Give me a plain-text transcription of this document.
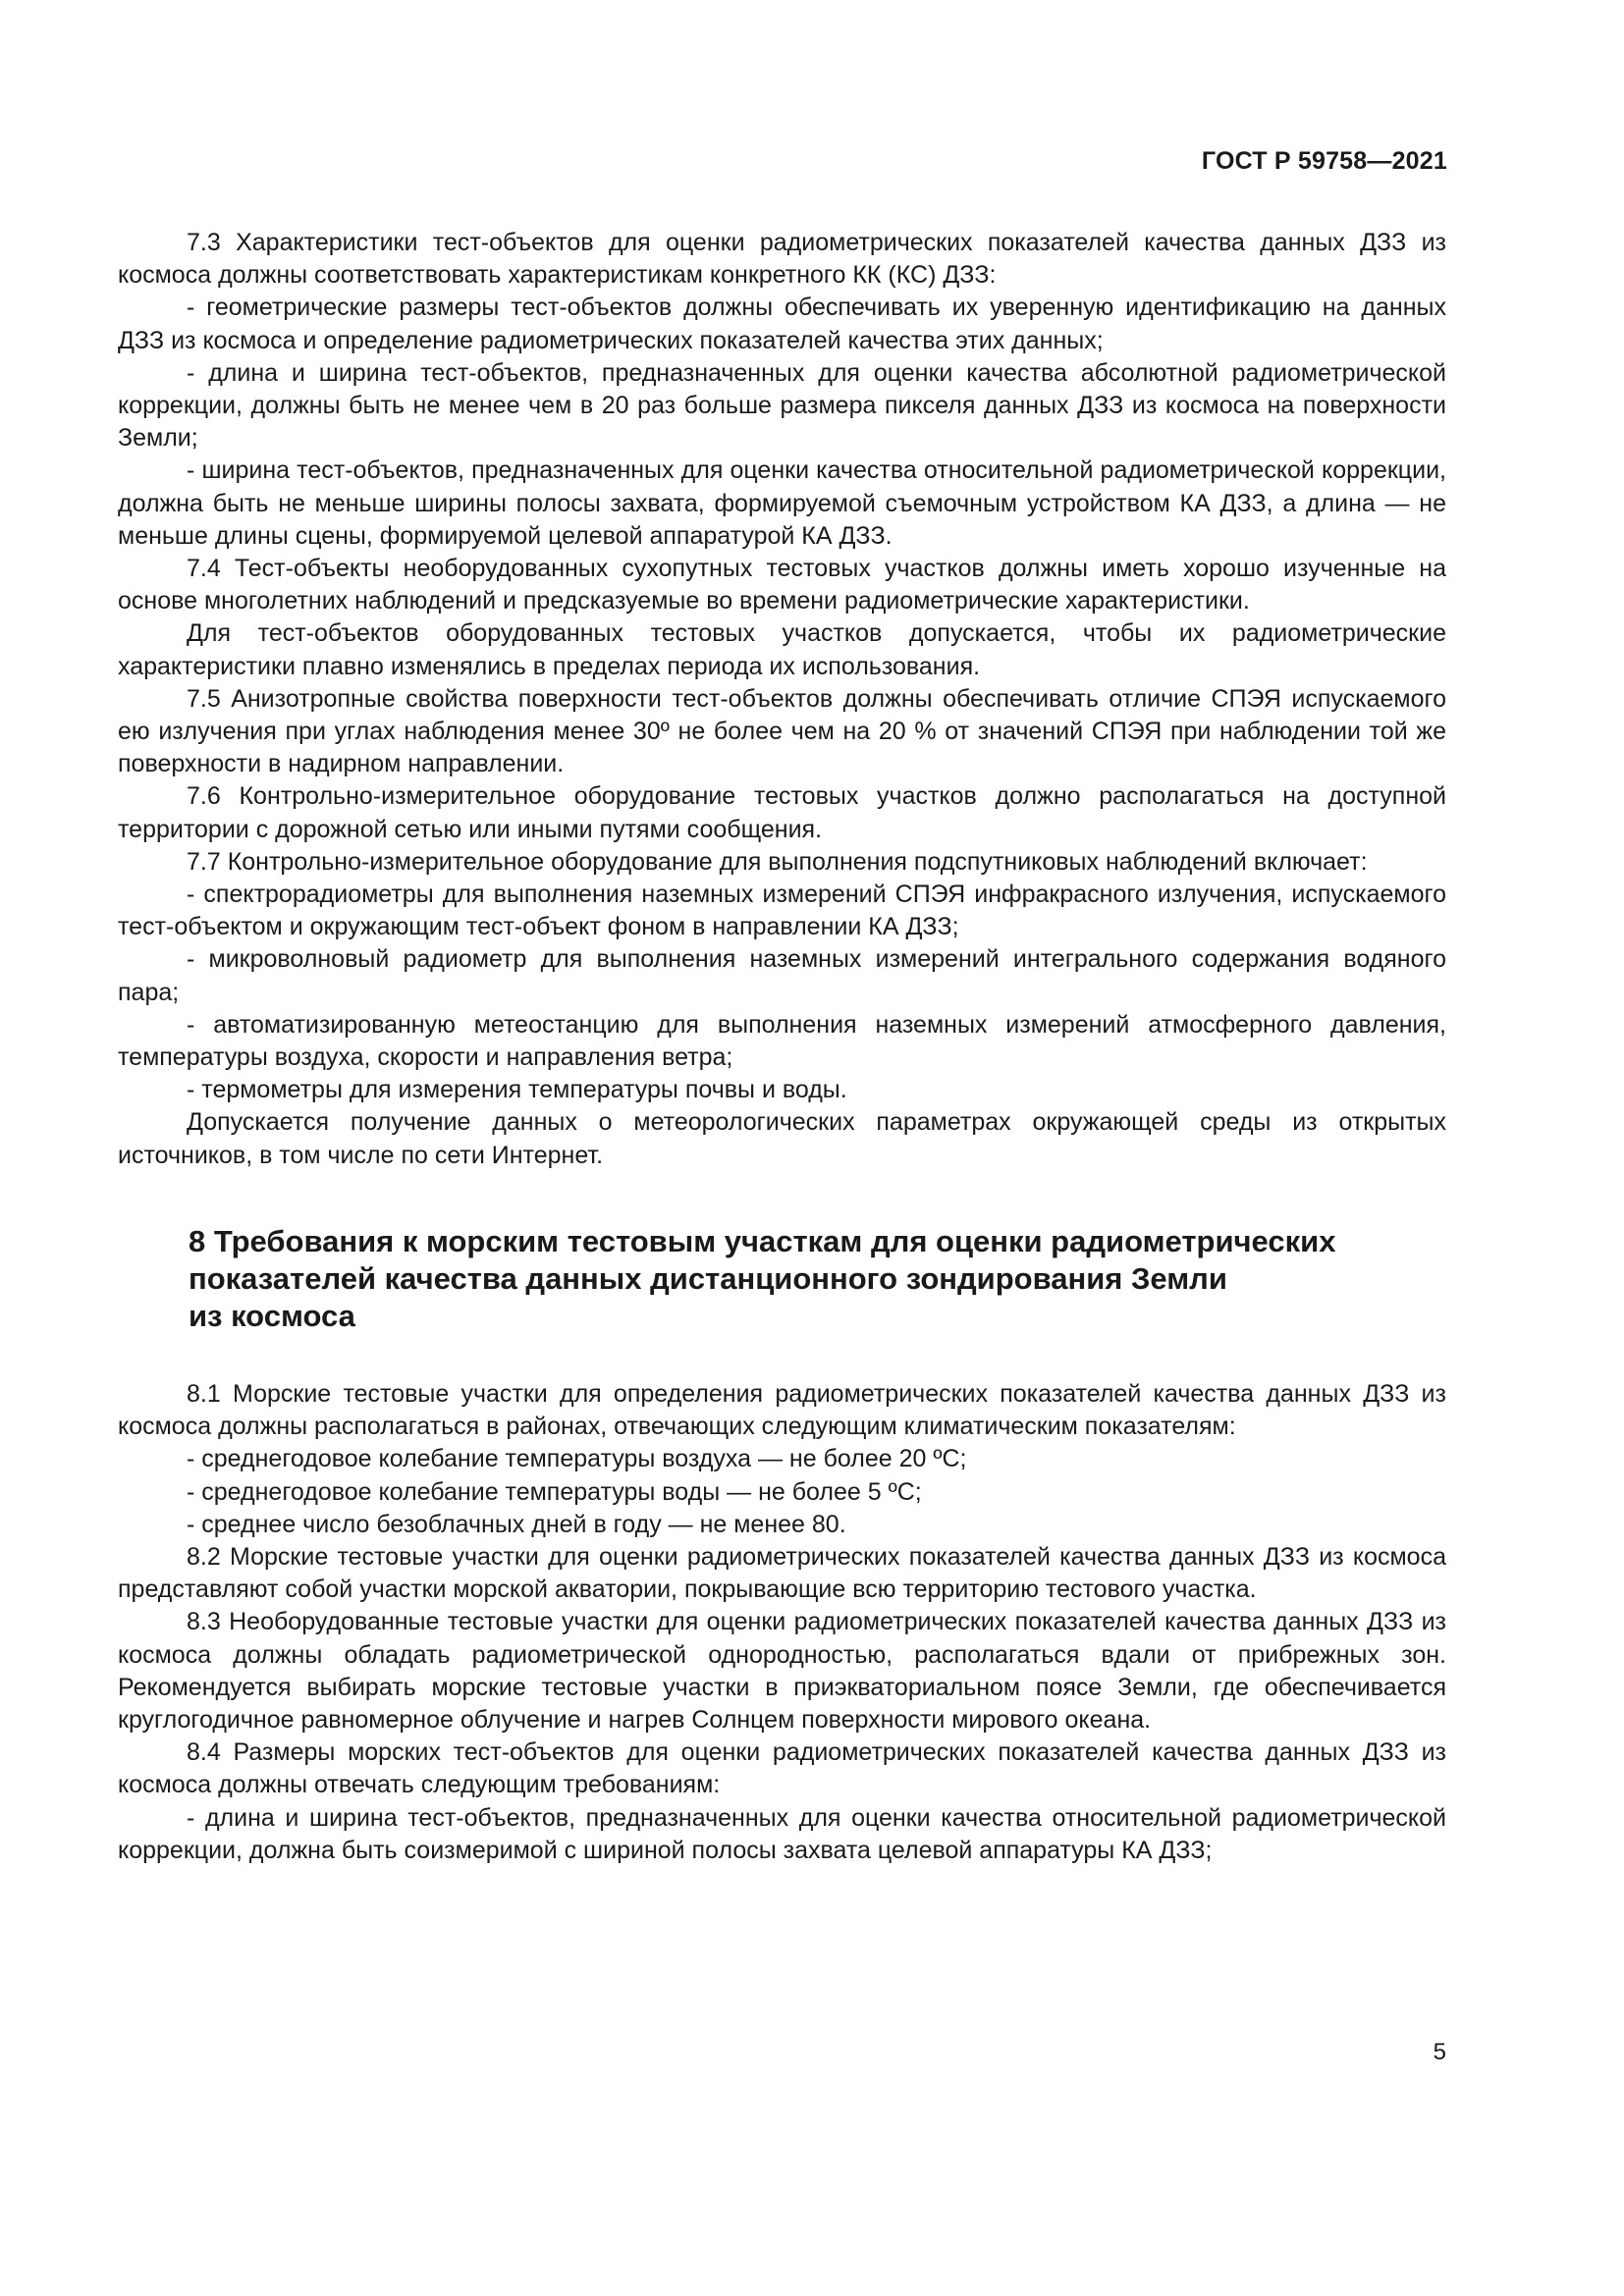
ГОСТ Р 59758—2021

7.3 Характеристики тест-объектов для оценки радиометрических показателей качества данных ДЗЗ из космоса должны соответствовать характеристикам конкретного КК (КС) ДЗЗ:

- геометрические размеры тест-объектов должны обеспечивать их уверенную идентификацию на данных ДЗЗ из космоса и определение радиометрических показателей качества этих данных;

- длина и ширина тест-объектов, предназначенных для оценки качества абсолютной радиометрической коррекции, должны быть не менее чем в 20 раз больше размера пикселя данных ДЗЗ из космоса на поверхности Земли;

- ширина тест-объектов, предназначенных для оценки качества относительной радиометрической коррекции, должна быть не меньше ширины полосы захвата, формируемой съемочным устройством КА ДЗЗ, а длина — не меньше длины сцены, формируемой целевой аппаратурой КА ДЗЗ.

7.4 Тест-объекты необорудованных сухопутных тестовых участков должны иметь хорошо изученные на основе многолетних наблюдений и предсказуемые во времени радиометрические характеристики.

Для тест-объектов оборудованных тестовых участков допускается, чтобы их радиометрические характеристики плавно изменялись в пределах периода их использования.

7.5 Анизотропные свойства поверхности тест-объектов должны обеспечивать отличие СПЭЯ испускаемого ею излучения при углах наблюдения менее 30º не более чем на 20 % от значений СПЭЯ при наблюдении той же поверхности в надирном направлении.

7.6 Контрольно-измерительное оборудование тестовых участков должно располагаться на доступной территории с дорожной сетью или иными путями сообщения.

7.7 Контрольно-измерительное оборудование для выполнения подспутниковых наблюдений включает:

- спектрорадиометры для выполнения наземных измерений СПЭЯ инфракрасного излучения, испускаемого тест-объектом и окружающим тест-объект фоном в направлении КА ДЗЗ;

- микроволновый радиометр для выполнения наземных измерений интегрального содержания водяного пара;

- автоматизированную метеостанцию для выполнения наземных измерений атмосферного давления, температуры воздуха, скорости и направления ветра;

- термометры для измерения температуры почвы и воды.

Допускается получение данных о метеорологических параметрах окружающей среды из открытых источников, в том числе по сети Интернет.

8 Требования к морским тестовым участкам для оценки радиометрических
показателей качества данных дистанционного зондирования Земли
из космоса

8.1 Морские тестовые участки для определения радиометрических показателей качества данных ДЗЗ из космоса должны располагаться в районах, отвечающих следующим климатическим показателям:

- среднегодовое колебание температуры воздуха — не более 20 ºС;

- среднегодовое колебание температуры воды — не более 5 ºС;

- среднее число безоблачных дней в году — не менее 80.

8.2 Морские тестовые участки для оценки радиометрических показателей качества данных ДЗЗ из космоса представляют собой участки морской акватории, покрывающие всю территорию тестового участка.

8.3 Необорудованные тестовые участки для оценки радиометрических показателей качества данных ДЗЗ из космоса должны обладать радиометрической однородностью, располагаться вдали от прибрежных зон. Рекомендуется выбирать морские тестовые участки в приэкваториальном поясе Земли, где обеспечивается круглогодичное равномерное облучение и нагрев Солнцем поверхности мирового океана.

8.4 Размеры морских тест-объектов для оценки радиометрических показателей качества данных ДЗЗ из космоса должны отвечать следующим требованиям:

- длина и ширина тест-объектов, предназначенных для оценки качества относительной радиометрической коррекции, должна быть соизмеримой с шириной полосы захвата целевой аппаратуры КА ДЗЗ;

5
